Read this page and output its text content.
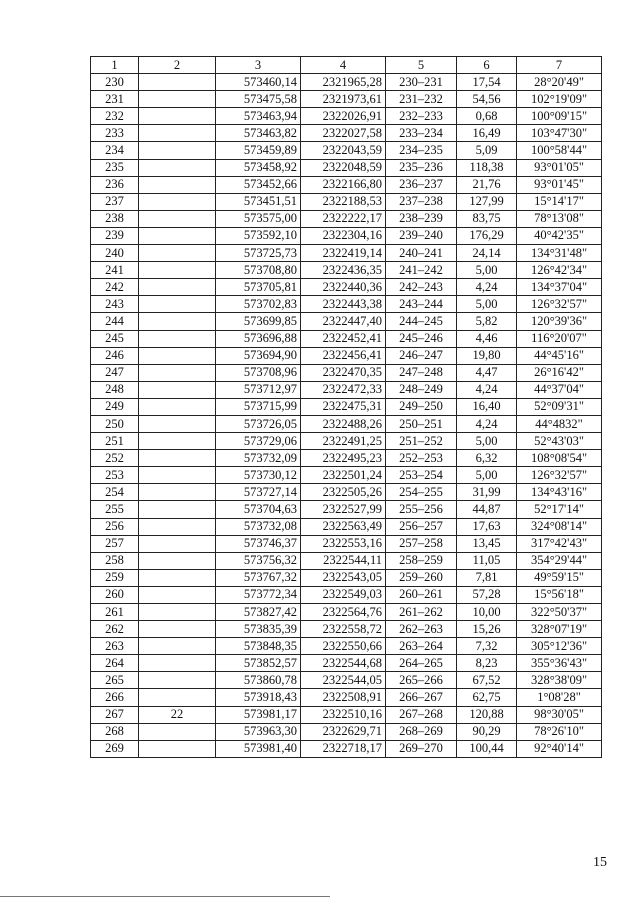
1	2	3	4	5	6	7
230		573460,14	2321965,28	230–231	17,54	28°20'49"
231		573475,58	2321973,61	231–232	54,56	102°19'09"
232		573463,94	2322026,91	232–233	0,68	100°09'15"
233		573463,82	2322027,58	233–234	16,49	103°47'30"
234		573459,89	2322043,59	234–235	5,09	100°58'44"
235		573458,92	2322048,59	235–236	118,38	93°01'05"
236		573452,66	2322166,80	236–237	21,76	93°01'45"
237		573451,51	2322188,53	237–238	127,99	15°14'17"
238		573575,00	2322222,17	238–239	83,75	78°13'08"
239		573592,10	2322304,16	239–240	176,29	40°42'35"
240		573725,73	2322419,14	240–241	24,14	134°31'48"
241		573708,80	2322436,35	241–242	5,00	126°42'34"
242		573705,81	2322440,36	242–243	4,24	134°37'04"
243		573702,83	2322443,38	243–244	5,00	126°32'57"
244		573699,85	2322447,40	244–245	5,82	120°39'36"
245		573696,88	2322452,41	245–246	4,46	116°20'07"
246		573694,90	2322456,41	246–247	19,80	44°45'16"
247		573708,96	2322470,35	247–248	4,47	26°16'42"
248		573712,97	2322472,33	248–249	4,24	44°37'04"
249		573715,99	2322475,31	249–250	16,40	52°09'31"
250		573726,05	2322488,26	250–251	4,24	44°4832"
251		573729,06	2322491,25	251–252	5,00	52°43'03"
252		573732,09	2322495,23	252–253	6,32	108°08'54"
253		573730,12	2322501,24	253–254	5,00	126°32'57"
254		573727,14	2322505,26	254–255	31,99	134°43'16"
255		573704,63	2322527,99	255–256	44,87	52°17'14"
256		573732,08	2322563,49	256–257	17,63	324°08'14"
257		573746,37	2322553,16	257–258	13,45	317°42'43"
258		573756,32	2322544,11	258–259	11,05	354°29'44"
259		573767,32	2322543,05	259–260	7,81	49°59'15"
260		573772,34	2322549,03	260–261	57,28	15°56'18"
261		573827,42	2322564,76	261–262	10,00	322°50'37"
262		573835,39	2322558,72	262–263	15,26	328°07'19"
263		573848,35	2322550,66	263–264	7,32	305°12'36"
264		573852,57	2322544,68	264–265	8,23	355°36'43"
265		573860,78	2322544,05	265–266	67,52	328°38'09"
266		573918,43	2322508,91	266–267	62,75	1°08'28"
267	22	573981,17	2322510,16	267–268	120,88	98°30'05"
268		573963,30	2322629,71	268–269	90,29	78°26'10"
269		573981,40	2322718,17	269–270	100,44	92°40'14"
15
